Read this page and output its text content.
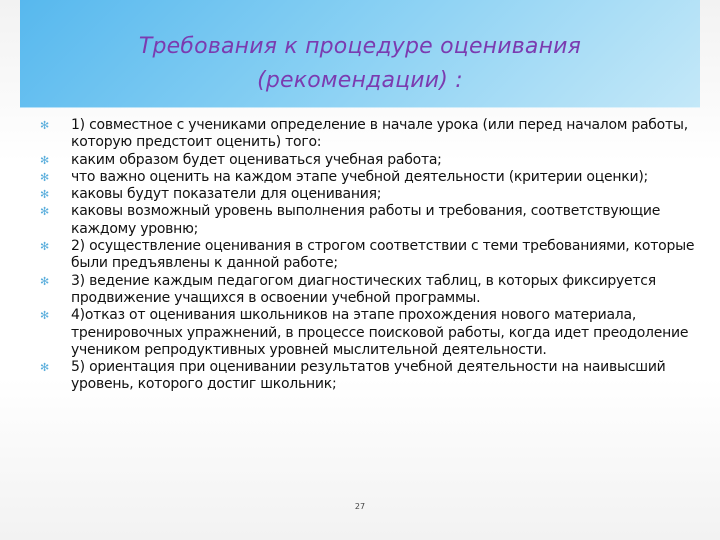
Требования к процедуре оценивания
(рекомендации) :
✻ 1) совместное с учениками определение в начале урока (или перед началом работы, которую предстоит оценить) того:
✻ каким образом будет оцениваться учебная работа;
✻ что важно оценить на каждом этапе учебной деятельности (критерии оценки);
✻ каковы будут показатели для оценивания;
✻ каковы возможный уровень выполнения работы и требования, соответствующие каждому уровню;
✻ 2) осуществление оценивания в строгом соответствии с теми требованиями, которые были предъявлены к данной работе;
✻ 3) ведение каждым педагогом диагностических таблиц, в которых фиксируется продвижение учащихся в освоении учебной программы.
✻ 4)отказ от оценивания школьников на этапе прохождения нового материала, тренировочных упражнений, в процессе поисковой работы, когда идет преодоление учеником репродуктивных уровней мыслительной деятельности.
✻ 5) ориентация при оценивании результатов учебной деятельности на наивысший уровень, которого достиг школьник;
27
